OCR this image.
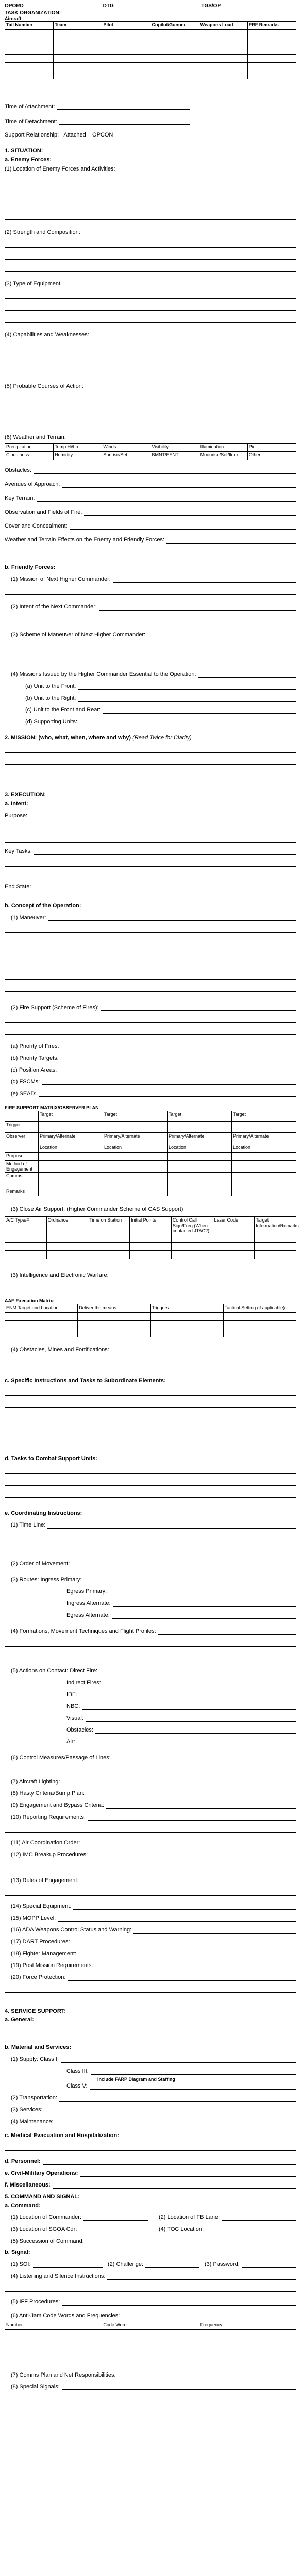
OPORD	DTG	TGS/OP
TASK ORGANIZATION:
Aircraft:
Tail Number	Team	Pilot	Copilot/Gunner	Weapons Load	FRF Remarks

Time of Attachment:
Time of Detachment:
Support Relationship: Attached OPCON
1. SITUATION:
a. Enemy Forces:
(1) Location of Enemy Forces and Activities:
(2) Strength and Composition:
(3) Type of Equipment:
(4) Capabilities and Weaknesses:
(5) Probable Courses of Action:
(6) Weather and Terrain:
Precipitation	Temp Hi/Lo	Winds	Visibility	Illumination	Pic
Cloudiness	Humidity	Sunrise/Set	BMNT/EENT	Moonrise/Set/Ilum	Other
Obstacles:
Avenues of Approach:
Key Terrain:
Observation and Fields of Fire:
Cover and Concealment:
Weather and Terrain Effects on the Enemy and Friendly Forces:
b. Friendly Forces:
(1) Mission of Next Higher Commander:
(2) Intent of the Next Commander:
(3) Scheme of Maneuver of Next Higher Commander:
(4) Missions Issued by the Higher Commander Essential to the Operation:
(a) Unit to the Front:
(b) Unit to the Right:
(c) Unit to the Front and Rear:
(d) Supporting Units:
2. MISSION: (who, what, when, where and why) (Read Twice for Clarity)
3. EXECUTION:
a. Intent:
Purpose:
Key Tasks:
End State:
b. Concept of the Operation:
(1) Maneuver:
(2) Fire Support (Scheme of Fires):
(a) Priority of Fires:
(b) Priority Targets:
(c) Position Areas:
(d) FSCMs:
(e) SEAD:
FIRE SUPPORT MATRIX/OBSERVER PLAN
	Target	Target	Target	Target
Trigger				
Observer	Primary/Alternate	Primary/Alternate	Primary/Alternate	Primary/Alternate
	Location	Location	Location	Location
Purpose				
Method of Engagement				
Comms				
Remarks				
(3) Close Air Support: (Higher Commander Scheme of CAS Support)
A/C Type/#	Ordnance	Time on Station	Initial Points	Control Call Sign/Freq (When contacted JTAC?)	Laser Code	Target Information/Remarks

(3) Intelligence and Electronic Warfare:
AAE Execution Matrix:
ENM Target and Location	Deliver the means	Triggers	Tactical Setting (if applicable)

(4) Obstacles, Mines and Fortifications:
c. Specific Instructions and Tasks to Subordinate Elements:
d. Tasks to Combat Support Units:
e. Coordinating Instructions:
(1) Time Line:
(2) Order of Movement:
(3) Routes: Ingress Primary:
Egress Primary:
Ingress Alternate:
Egress Alternate:
(4) Formations, Movement Techniques and Flight Profiles:
(5) Actions on Contact: Direct Fire:
Indirect Fires:
IDF:
NBC:
Visual:
Obstacles:
Air:
(6) Control Measures/Passage of Lines:
(7) Aircraft Lighting:
(8) Hasty Criteria/Bump Plan:
(9) Engagement and Bypass Criteria:
(10) Reporting Requirements:
(11) Air Coordination Order:
(12) IMC Breakup Procedures:
(13) Rules of Engagement:
(14) Special Equipment:
(15) MOPP Level:
(16) ADA Weapons Control Status and Warning:
(17) DART Procedures:
(18) Fighter Management:
(19) Post Mission Requirements:
(20) Force Protection:
4. SERVICE SUPPORT:
a. General:
b. Material and Services:
(1) Supply: Class I:
Class III:
Include FARP Diagram and Staffing
Class V:
(2) Transportation:
(3) Services:
(4) Maintenance:
c. Medical Evacuation and Hospitalization:
d. Personnel:
e. Civil-Military Operations:
f. Miscellaneous:
5. COMMAND AND SIGNAL:
a. Command:
(1) Location of Commander:	(2) Location of FB Lane:
(3) Location of SGOA Cdr:	(4) TOC Location:
(5) Succession of Command:
b. Signal:
(1) SOI:	(2) Challenge:	(3) Password:
(4) Listening and Silence Instructions:
(5) IFF Procedures:
(6) Anti-Jam Code Words and Frequencies:
Number	Code Word	Frequency

(7) Comms Plan and Net Responsibilities:
(8) Special Signals:
